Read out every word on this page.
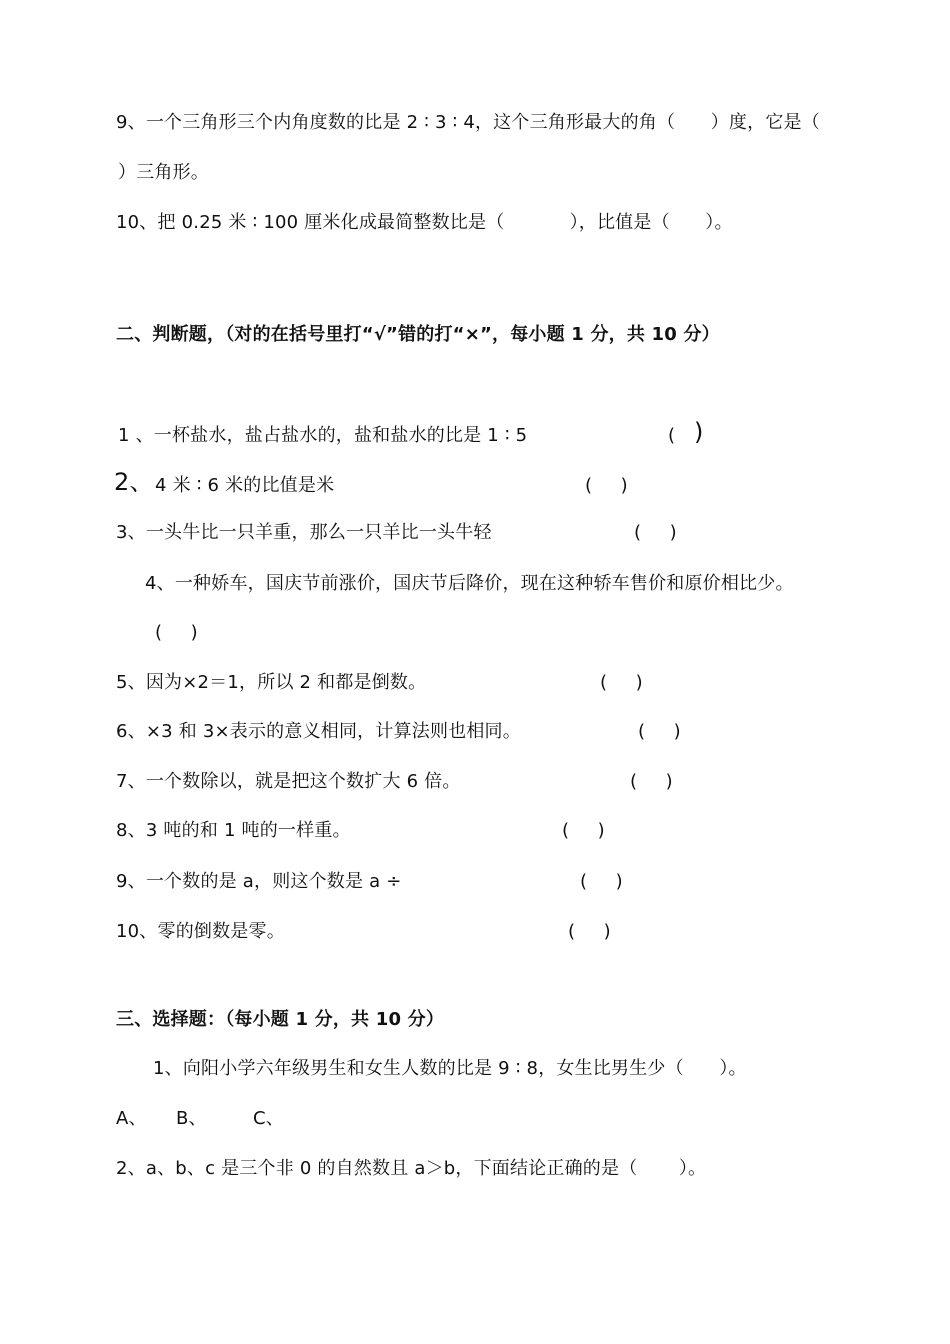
9、一个三角形三个内角度数的比是 2 ∶ 3 ∶ 4，这个三角形最大的角（      ）度，它是（
）三角形。
10、把 0.25 米 ∶ 100 厘米化成最简整数比是（           ），比值是（      ）。
二、判断题，（对的在括号里打“√”错的打“×”，每小题 1 分，共 10 分）
1 、一杯盐水，盐占盐水的，盐和盐水的比是 1 ∶ 5	( )
2、 4 米 ∶ 6 米的比值是米	(     )
3、一头牛比一只羊重，那么一只羊比一头牛轻	(     )
4、一种娇车，国庆节前涨价，国庆节后降价，现在这种轿车售价和原价相比少。
(     )
5、因为×2＝1，所以 2 和都是倒数。	(     )
6、×3 和 3×表示的意义相同，计算法则也相同。	(     )
7、一个数除以，就是把这个数扩大 6 倍。	(     )
8、3 吨的和 1 吨的一样重。	(     )
9、一个数的是 a，则这个数是 a ÷	(     )
10、零的倒数是零。	(     )
三、选择题：（每小题 1 分，共 10 分）
1、向阳小学六年级男生和女生人数的比是 9 ∶ 8，女生比男生少（      ）。
A、 B、	C、
2、a、b、c 是三个非 0 的自然数且 a＞b，下面结论正确的是（       ）。
